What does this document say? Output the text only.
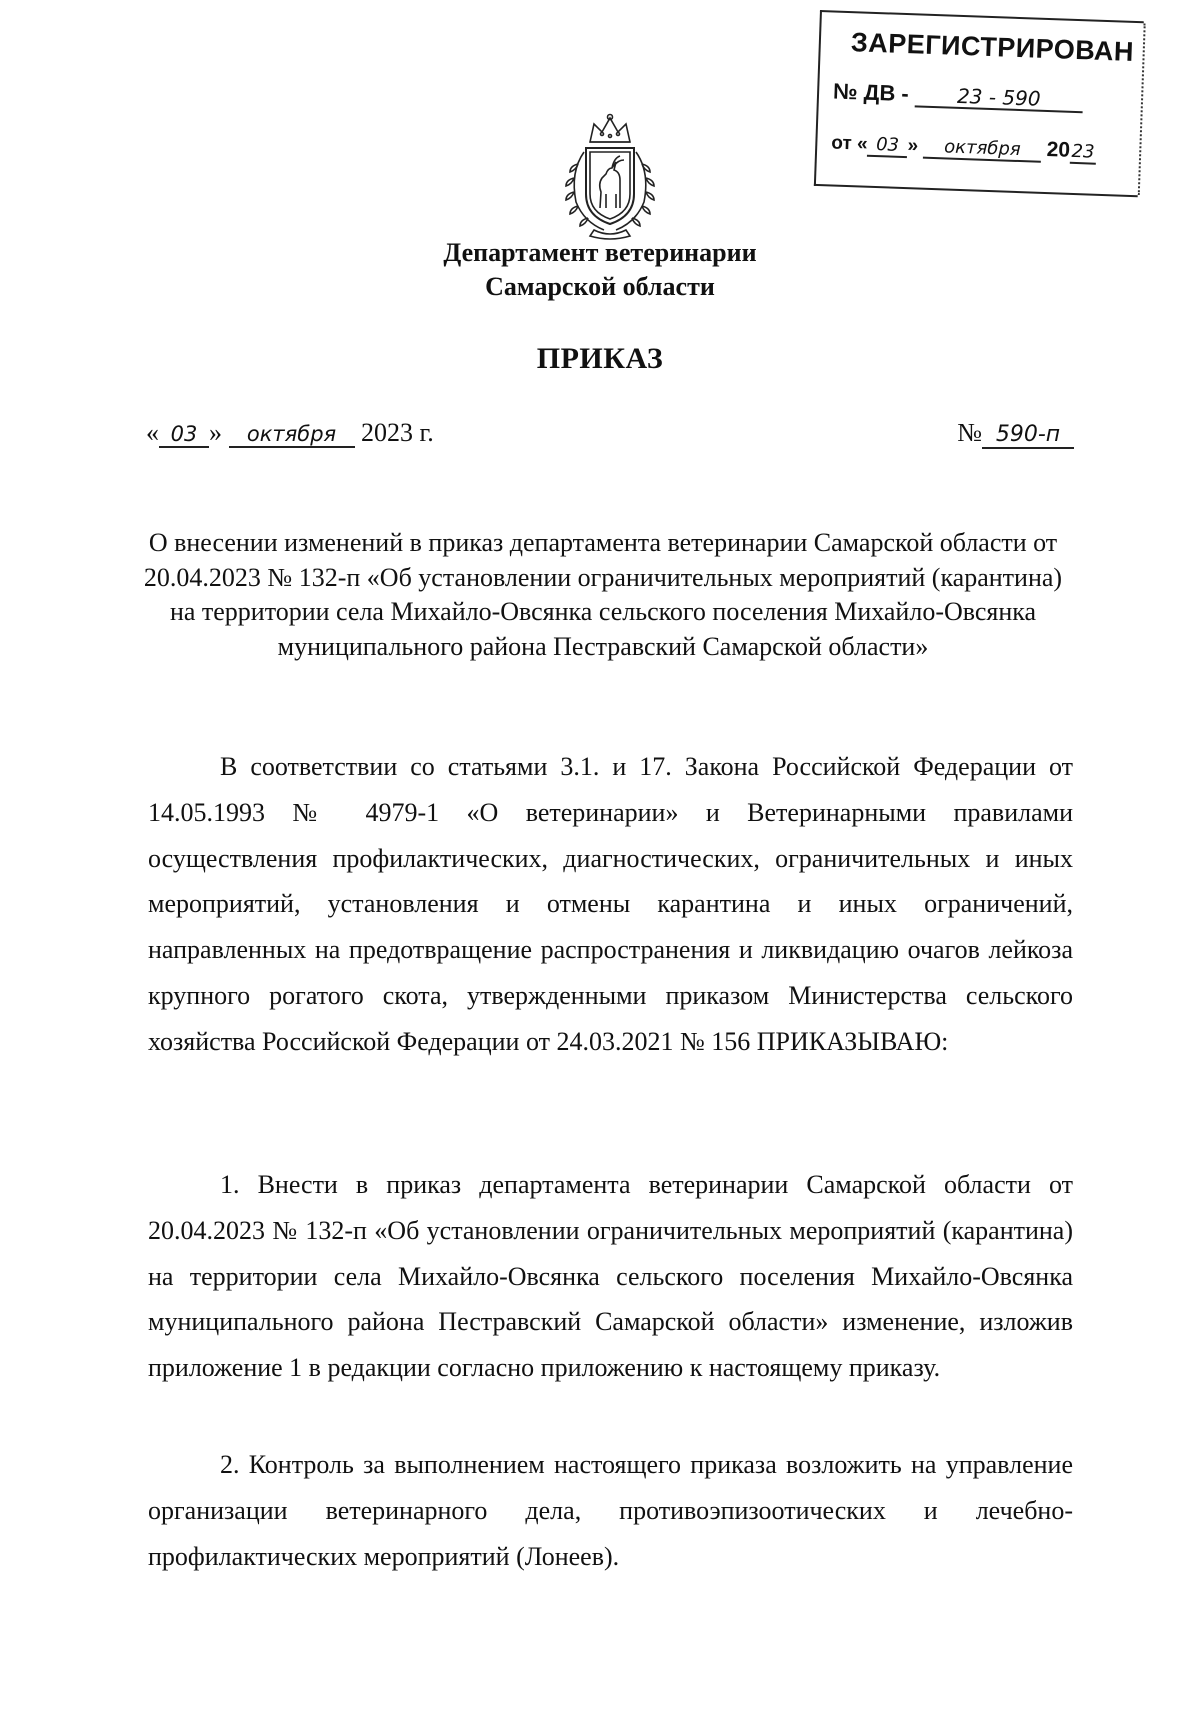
ЗАРЕГИСТРИРОВАН
№ ДВ - 23 - 590
от « 03 » октября 2023
Департамент ветеринарии
Самарской области
ПРИКАЗ
« 03 » октября 2023 г.	№ 590-п
О внесении изменений в приказ департамента ветеринарии Самарской области от 20.04.2023 № 132-п «Об установлении ограничительных мероприятий (карантина) на территории села Михайло-Овсянка сельского поселения Михайло-Овсянка муниципального района Пестравский Самарской области»
В соответствии со статьями 3.1. и 17. Закона Российской Федерации от 14.05.1993 № 4979-1 «О ветеринарии» и Ветеринарными правилами осуществления профилактических, диагностических, ограничительных и иных мероприятий, установления и отмены карантина и иных ограничений, направленных на предотвращение распространения и ликвидацию очагов лейкоза крупного рогатого скота, утвержденными приказом Министерства сельского хозяйства Российской Федерации от 24.03.2021 № 156 ПРИКАЗЫВАЮ:
1. Внести в приказ департамента ветеринарии Самарской области от 20.04.2023 № 132-п «Об установлении ограничительных мероприятий (карантина) на территории села Михайло-Овсянка сельского поселения Михайло-Овсянка муниципального района Пестравский Самарской области» изменение, изложив приложение 1 в редакции согласно приложению к настоящему приказу.
2. Контроль за выполнением настоящего приказа возложить на управление организации ветеринарного дела, противоэпизоотических и лечебно-профилактических мероприятий (Лонеев).
